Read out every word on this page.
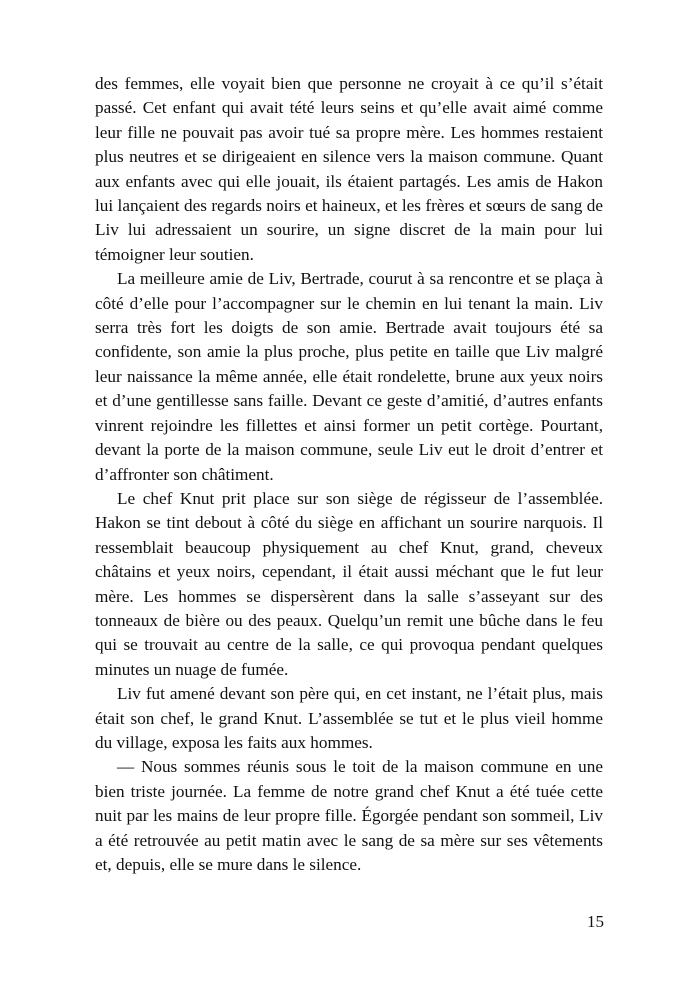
des femmes, elle voyait bien que personne ne croyait à ce qu’il s’était passé. Cet enfant qui avait tété leurs seins et qu’elle avait aimé comme leur fille ne pouvait pas avoir tué sa propre mère. Les hommes restaient plus neutres et se dirigeaient en silence vers la maison commune. Quant aux enfants avec qui elle jouait, ils étaient partagés. Les amis de Hakon lui lançaient des regards noirs et haineux, et les frères et sœurs de sang de Liv lui adressaient un sourire, un signe discret de la main pour lui témoigner leur soutien.

La meilleure amie de Liv, Bertrade, courut à sa rencontre et se plaça à côté d’elle pour l’accompagner sur le chemin en lui tenant la main. Liv serra très fort les doigts de son amie. Bertrade avait toujours été sa confidente, son amie la plus proche, plus petite en taille que Liv malgré leur naissance la même année, elle était rondelette, brune aux yeux noirs et d’une gentillesse sans faille. Devant ce geste d’amitié, d’autres enfants vinrent rejoindre les fillettes et ainsi former un petit cortège. Pourtant, devant la porte de la maison commune, seule Liv eut le droit d’entrer et d’affronter son châtiment.

Le chef Knut prit place sur son siège de régisseur de l’assemblée. Hakon se tint debout à côté du siège en affichant un sourire narquois. Il ressemblait beaucoup physiquement au chef Knut, grand, cheveux châtains et yeux noirs, cependant, il était aussi méchant que le fut leur mère. Les hommes se dispersèrent dans la salle s’asseyant sur des tonneaux de bière ou des peaux. Quelqu’un remit une bûche dans le feu qui se trouvait au centre de la salle, ce qui provoqua pendant quelques minutes un nuage de fumée.

Liv fut amené devant son père qui, en cet instant, ne l’était plus, mais était son chef, le grand Knut. L’assemblée se tut et le plus vieil homme du village, exposa les faits aux hommes.

— Nous sommes réunis sous le toit de la maison commune en une bien triste journée. La femme de notre grand chef Knut a été tuée cette nuit par les mains de leur propre fille. Égorgée pendant son sommeil, Liv a été retrouvée au petit matin avec le sang de sa mère sur ses vêtements et, depuis, elle se mure dans le silence.

15
